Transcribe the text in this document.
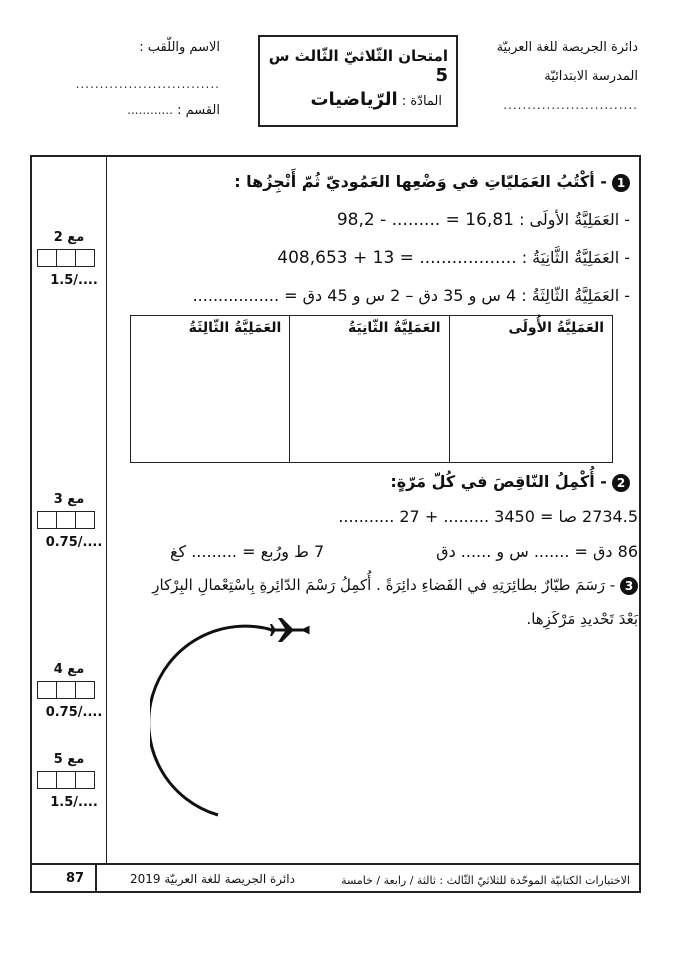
الاسم واللّقب :
..............................
القسم : ............
امتحان الثّلاثيّ الثّالث س 5
المادّة : الرّياضيات
دائرة الجريصة للغة العربيّة
المدرسة الابتدائيّة
............................
مع 2
1.5/....
مع 3
0.75/....
مع 4
0.75/....
مع 5
1.5/....
1 - أكْتُبُ العَمَليّاتِ في وَضْعِها العَمُوديّ ثُمّ أَنْجِزُها :
- العَمَلِيَّةُ الأولَى : 98,2 - ......... = 16,81
- العَمَلِيَّةُ الثَّانِيَةُ : 408,653 + 13 = ..................
- العَمَلِيَّةُ الثّالِثَةُ : 4 س و 35 دق – 2 س و 45 دق = .................
العَمَلِيَّةُ الأُولَى	العَمَلِيَّةُ الثّانِيَةُ	العَمَلِيَّةُ الثّالِثَةُ
2 - أُكْمِلُ النّاقِصَ في كُلّ مَرّةٍ:
2734.5 صا = 3450 ......... + 27 ...........
86 دق = ....... س و ...... دق
7 ط ورُبع = ......... كغ
3 - رَسَمَ طيّارٌ بطائِرَتِهِ في الفَضاءِ دائِرَةً . أُكمِلُ رَسْمَ الدّائِرةِ بِاسْتِعْمالِ البِرْكارِ
بَعْدَ تَحْديدِ مَرْكَزِها.
87	دائرة الجريصة للغة العربيّة 2019	الاختبارات الكتابيّة الموحّدة للثلاثيّ الثّالث : ثالثة / رابعة / خامسة
